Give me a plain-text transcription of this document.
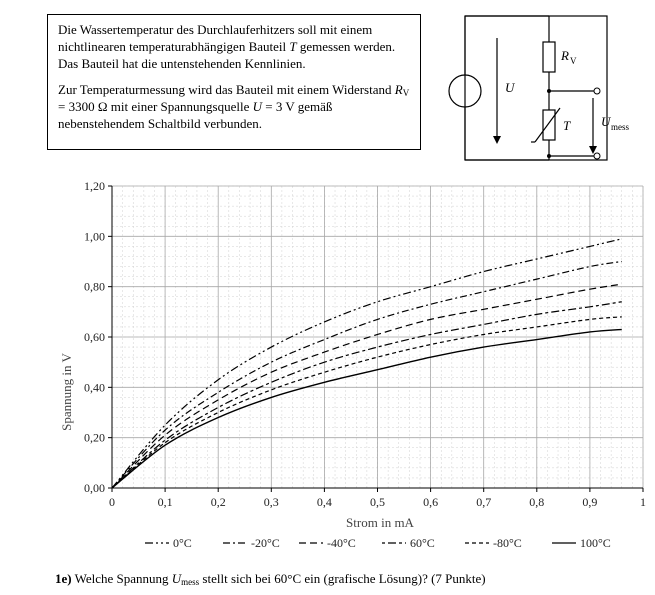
Die Wassertemperatur des Durchlauferhitzers soll mit einem nichtlinearen temperaturabhängigen Bauteil T gemessen werden. Das Bauteil hat die untenstehenden Kennlinien.

Zur Temperaturmessung wird das Bauteil mit einem Widerstand $R_V = 3300$ Ω mit einer Spannungsquelle U = 3 V gemäß nebenstehendem Schaltbild verbunden.

U
R V
T U mess
0,00
0,20
0,40
0,60
0,80
1,00
1,20
0	0,1	0,2	0,3	0,4	0,5	0,6	0,7	0,8	0,9	1
0°C	-20°C	-40°C	60°C	-80°C	100°C
Strom in mA
Spannung in V
1e) Welche Spannung $U_{mess}$ stellt sich bei 60°C ein (grafische Lösung)? (7 Punkte)
